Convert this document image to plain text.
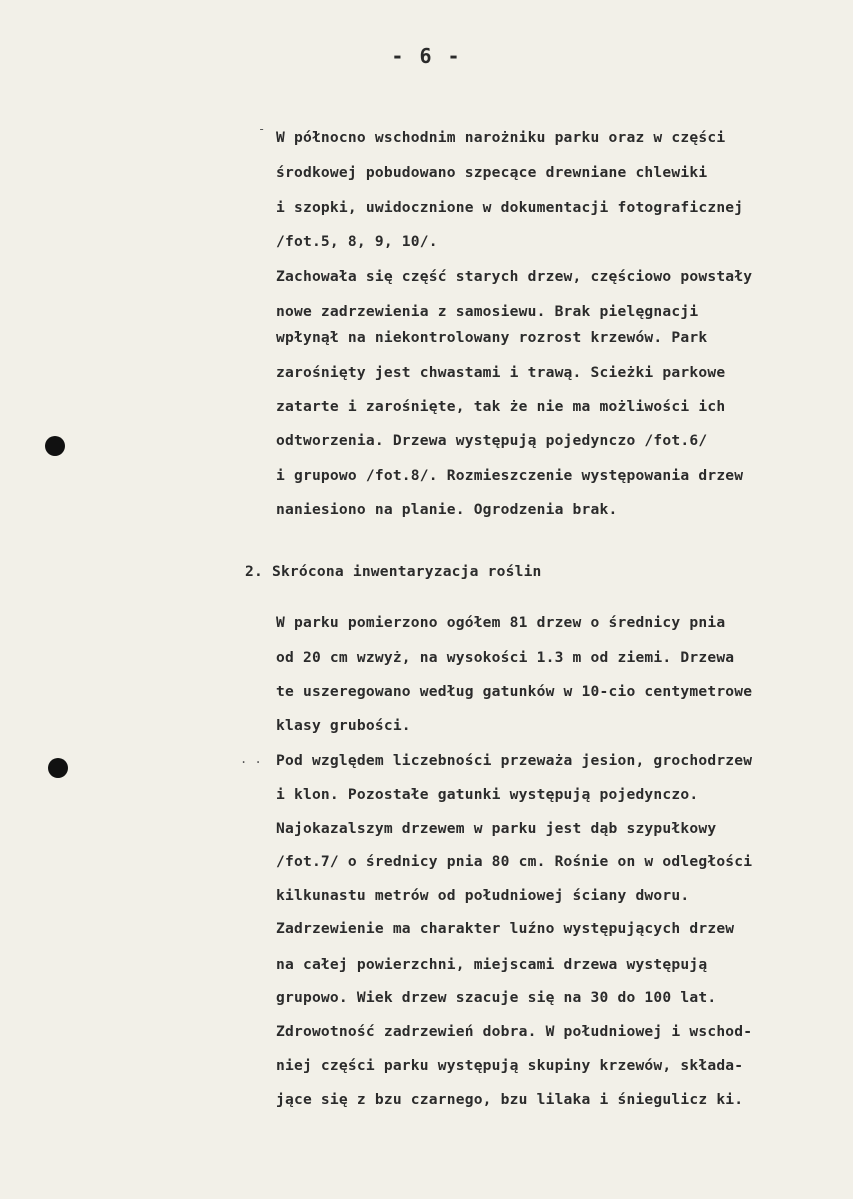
- 6 -
-
. .
W północno wschodnim narożniku parku oraz w części
środkowej pobudowano szpecące drewniane chlewiki
i szopki, uwidocznione w dokumentacji fotograficznej
/fot.5, 8, 9, 10/.
Zachowała się część starych drzew, częściowo powstały
nowe zadrzewienia z samosiewu. Brak pielęgnacji
wpłynął na niekontrolowany rozrost krzewów. Park
zarośnięty jest chwastami i trawą. Scieżki parkowe
zatarte i zarośnięte, tak że nie ma możliwości ich
odtworzenia. Drzewa występują pojedynczo /fot.6/
i grupowo /fot.8/. Rozmieszczenie występowania drzew
naniesiono na planie. Ogrodzenia brak.
2. Skrócona inwentaryzacja roślin
W parku pomierzono ogółem 81 drzew o średnicy pnia
od 20 cm wzwyż, na wysokości 1.3 m od ziemi. Drzewa
te uszeregowano według gatunków w 10-cio centymetrowe
klasy grubości.
Pod względem liczebności przeważa jesion, grochodrzew
i klon. Pozostałe gatunki występują pojedynczo.
Najokazalszym drzewem w parku jest dąb szypułkowy
/fot.7/ o średnicy pnia 80 cm. Rośnie on w odległości
kilkunastu metrów od południowej ściany dworu.
Zadrzewienie ma charakter luźno występujących drzew
na całej powierzchni, miejscami drzewa występują
grupowo. Wiek drzew szacuje się na 30 do 100 lat.
Zdrowotność zadrzewień dobra. W południowej i wschod-
niej części parku występują skupiny krzewów, składa-
jące się z bzu czarnego, bzu lilaka i śniegulicz ki.
